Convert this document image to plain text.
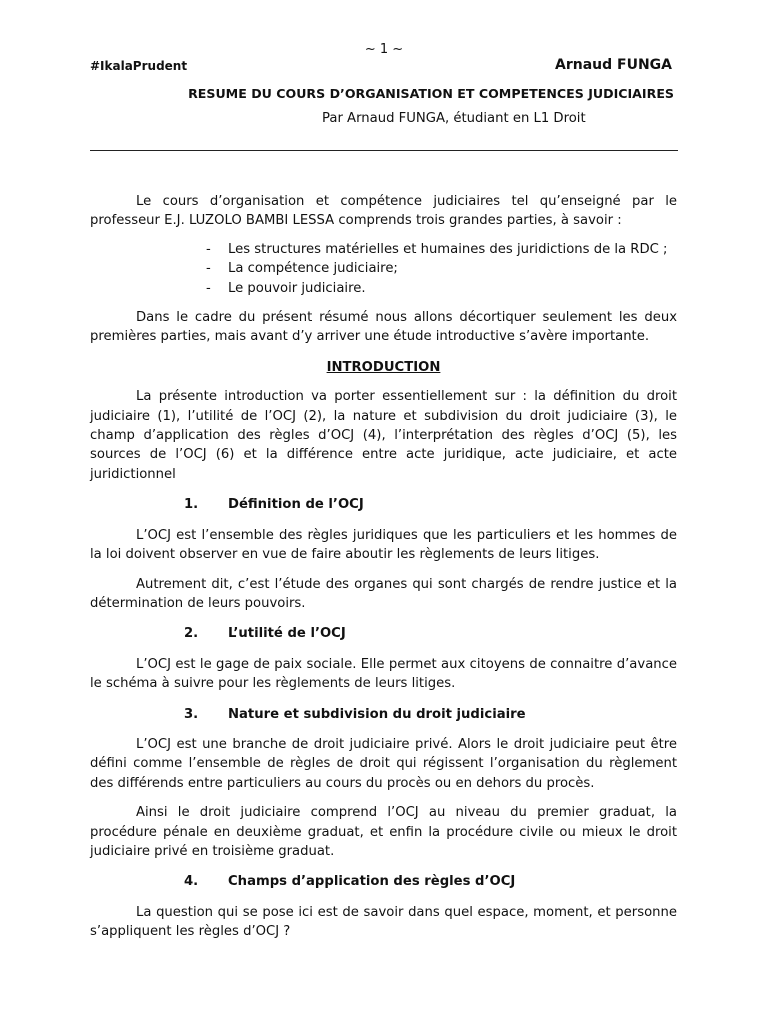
~ 1 ~
#IkalaPrudent	Arnaud FUNGA
RESUME DU COURS D’ORGANISATION ET COMPETENCES JUDICIAIRES
Par Arnaud FUNGA, étudiant en L1 Droit

Le cours d’organisation et compétence judiciaires tel qu’enseigné par le professeur E.J. LUZOLO BAMBI LESSA comprends trois grandes parties, à savoir :

- Les structures matérielles et humaines des juridictions de la RDC ;
- La compétence judiciaire;
- Le pouvoir judiciaire.

Dans le cadre du présent résumé nous allons décortiquer seulement les deux premières parties, mais avant d’y arriver une étude introductive s’avère importante.

INTRODUCTION

La présente introduction va porter essentiellement sur : la définition du droit judiciaire (1), l’utilité de l’OCJ (2), la nature et subdivision du droit judiciaire (3), le champ d’application des règles d’OCJ (4), l’interprétation des règles d’OCJ (5), les sources de l’OCJ (6) et la différence entre acte juridique, acte judiciaire, et acte juridictionnel

1. Définition de l’OCJ

L’OCJ est l’ensemble des règles juridiques que les particuliers et les hommes de la loi doivent observer en vue de faire aboutir les règlements de leurs litiges.

Autrement dit, c’est l’étude des organes qui sont chargés de rendre justice et la détermination de leurs pouvoirs.

2. L’utilité de l’OCJ

L’OCJ est le gage de paix sociale. Elle permet aux citoyens de connaitre d’avance le schéma à suivre pour les règlements de leurs litiges.

3. Nature et subdivision du droit judiciaire

L’OCJ est une branche de droit judiciaire privé. Alors le droit judiciaire peut être défini comme l’ensemble de règles de droit qui régissent l’organisation du règlement des différends entre particuliers au cours du procès ou en dehors du procès.

Ainsi le droit judiciaire comprend l’OCJ au niveau du premier graduat, la procédure pénale en deuxième graduat, et enfin la procédure civile ou mieux le droit judiciaire privé en troisième graduat.

4. Champs d’application des règles d’OCJ

La question qui se pose ici est de savoir dans quel espace, moment, et personne s’appliquent les règles d’OCJ ?
